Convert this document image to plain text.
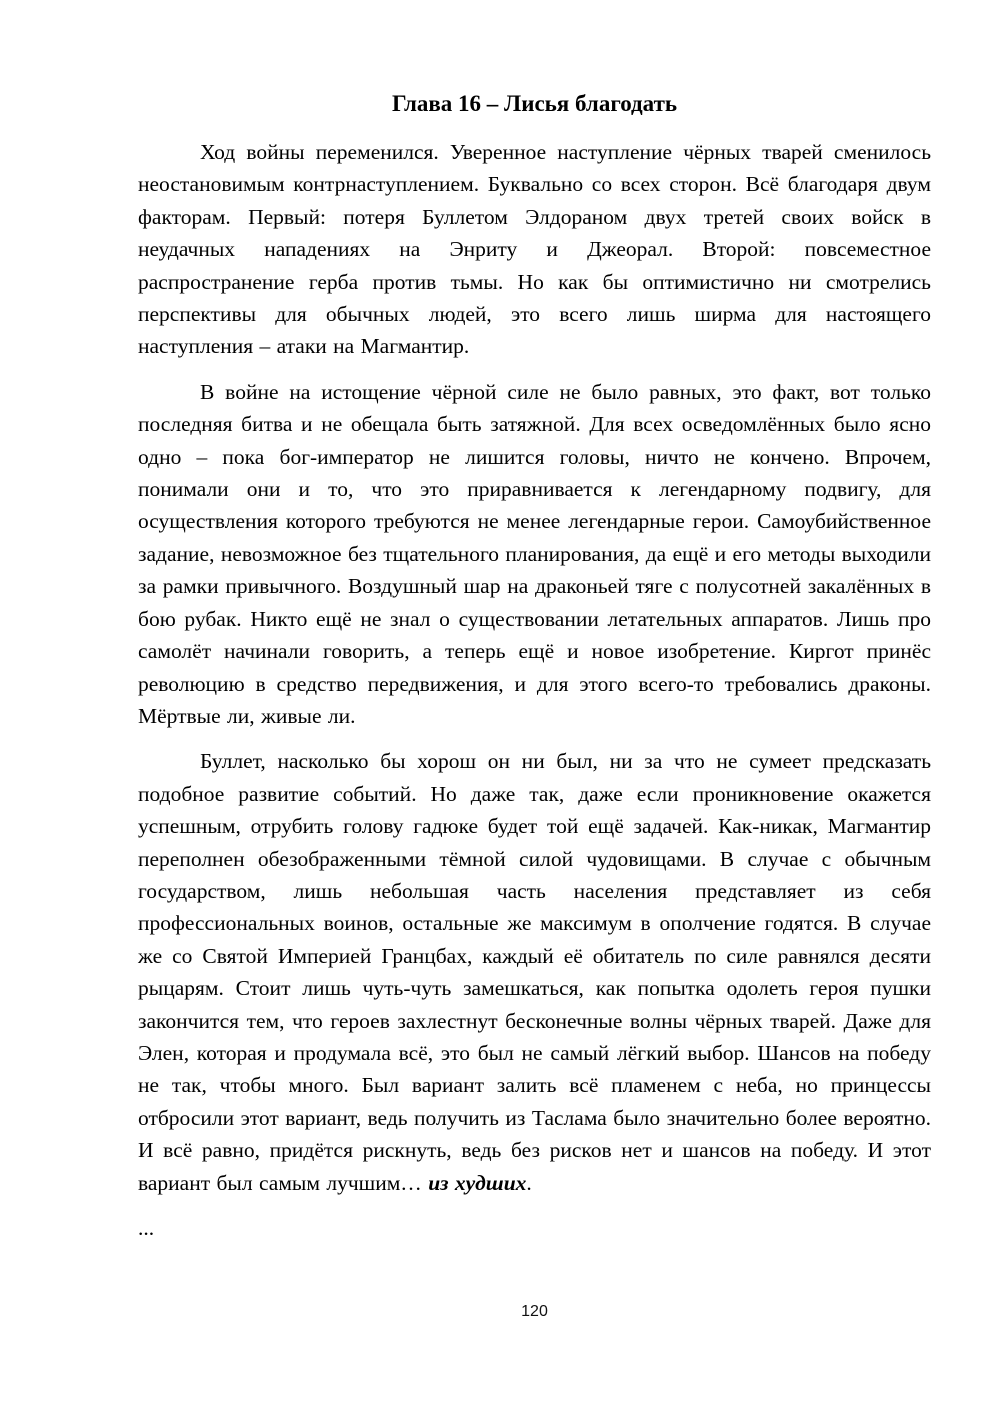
Глава 16 – Лисья благодать

Ход войны переменился. Уверенное наступление чёрных тварей сменилось неостановимым контрнаступлением. Буквально со всех сторон. Всё благодаря двум факторам. Первый: потеря Буллетом Элдораном двух третей своих войск в неудачных нападениях на Энриту и Джеорал. Второй: повсеместное распространение герба против тьмы. Но как бы оптимистично ни смотрелись перспективы для обычных людей, это всего лишь ширма для настоящего наступления – атаки на Магмантир.

В войне на истощение чёрной силе не было равных, это факт, вот только последняя битва и не обещала быть затяжной. Для всех осведомлённых было ясно одно – пока бог-император не лишится головы, ничто не кончено. Впрочем, понимали они и то, что это приравнивается к легендарному подвигу, для осуществления которого требуются не менее легендарные герои. Самоубийственное задание, невозможное без тщательного планирования, да ещё и его методы выходили за рамки привычного. Воздушный шар на драконьей тяге с полусотней закалённых в бою рубак. Никто ещё не знал о существовании летательных аппаратов. Лишь про самолёт начинали говорить, а теперь ещё и новое изобретение. Киргот принёс революцию в средство передвижения, и для этого всего-то требовались драконы. Мёртвые ли, живые ли.

Буллет, насколько бы хорош он ни был, ни за что не сумеет предсказать подобное развитие событий. Но даже так, даже если проникновение окажется успешным, отрубить голову гадюке будет той ещё задачей. Как-никак, Магмантир переполнен обезображенными тёмной силой чудовищами. В случае с обычным государством, лишь небольшая часть населения представляет из себя профессиональных воинов, остальные же максимум в ополчение годятся. В случае же со Святой Империей Гранцбах, каждый её обитатель по силе равнялся десяти рыцарям. Стоит лишь чуть-чуть замешкаться, как попытка одолеть героя пушки закончится тем, что героев захлестнут бесконечные волны чёрных тварей. Даже для Элен, которая и продумала всё, это был не самый лёгкий выбор. Шансов на победу не так, чтобы много. Был вариант залить всё пламенем с неба, но принцессы отбросили этот вариант, ведь получить из Таслама было значительно более вероятно. И всё равно, придётся рискнуть, ведь без рисков нет и шансов на победу. И этот вариант был самым лучшим… из худших.

...

120
